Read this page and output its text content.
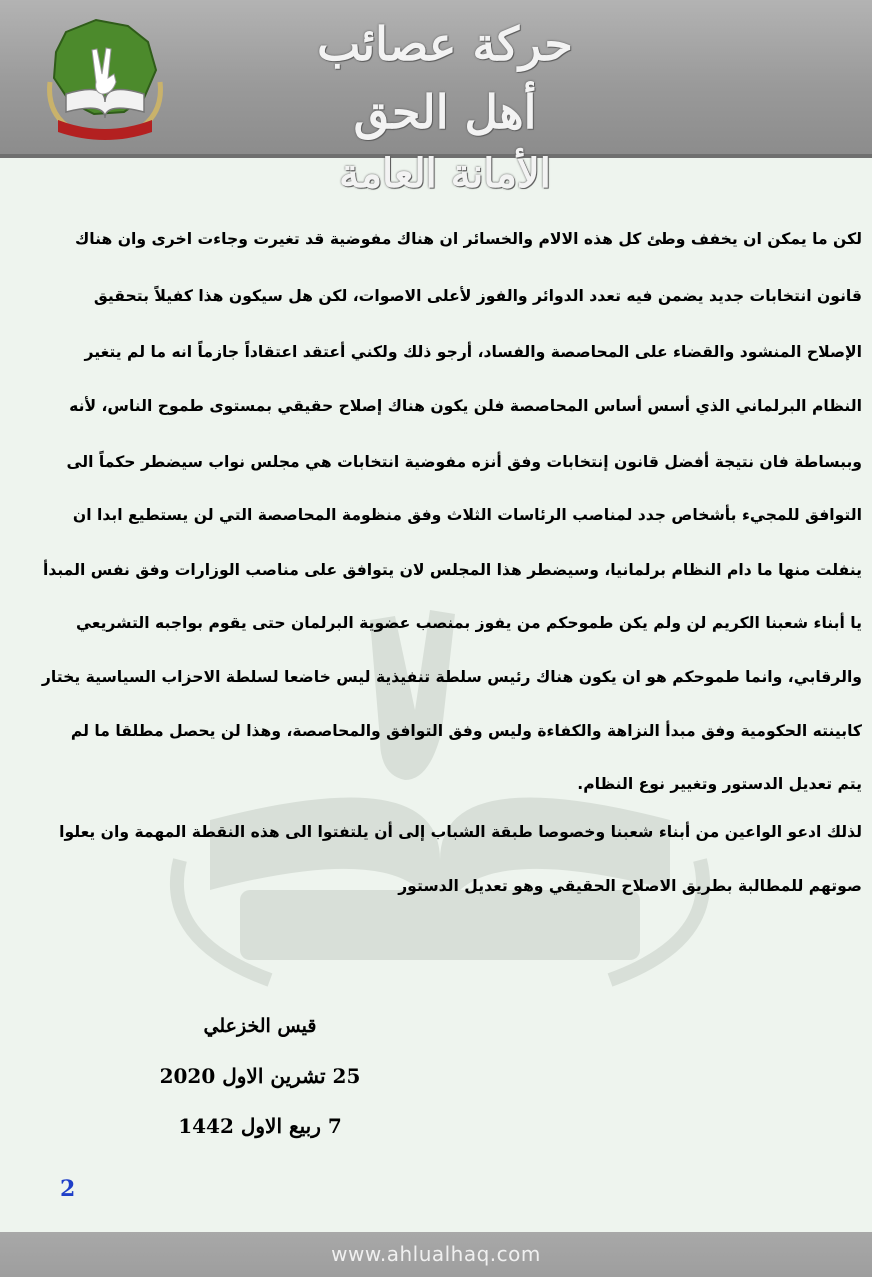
حركة عصائب أهل الحق
الأمانة العامة
لكن ما يمكن ان يخفف وطئ كل هذه الالام والخسائر ان هناك مفوضية قد تغيرت وجاءت اخرى وان هناك
قانون انتخابات جديد يضمن فيه تعدد الدوائر والفوز لأعلى الاصوات، لكن هل سيكون هذا كفيلاً بتحقيق
الإصلاح المنشود والقضاء على المحاصصة والفساد، أرجو ذلك ولكني أعتقد اعتقاداً جازماً انه ما لم يتغير
النظام البرلماني الذي أسس أساس المحاصصة فلن يكون هناك إصلاح حقيقي بمستوى طموح الناس، لأنه
وببساطة فان نتيجة أفضل قانون إنتخابات وفق أنزه مفوضية انتخابات هي مجلس نواب سيضطر حكماً الى
التوافق للمجيء بأشخاص جدد لمناصب الرئاسات الثلاث وفق منظومة المحاصصة التي لن يستطيع ابدا ان
ينفلت منها ما دام النظام برلمانيا، وسيضطر هذا المجلس لان يتوافق على مناصب الوزارات وفق نفس المبدأ
يا أبناء شعبنا الكريم لن ولم يكن طموحكم من يفوز بمنصب عضوية البرلمان حتى يقوم بواجبه التشريعي
والرقابي، وانما طموحكم هو ان يكون هناك رئيس سلطة تنفيذية ليس خاضعا لسلطة الاحزاب السياسية يختار
كابينته الحكومية وفق مبدأ النزاهة والكفاءة وليس وفق التوافق والمحاصصة، وهذا لن يحصل مطلقا ما لم
يتم تعديل الدستور وتغيير نوع النظام.
لذلك ادعو الواعين من أبناء شعبنا وخصوصا طبقة الشباب إلى أن يلتفتوا الى هذه النقطة المهمة وان يعلوا
صوتهم للمطالبة بطريق الاصلاح الحقيقي وهو تعديل الدستور
قيس الخزعلي
25 تشرين الاول 2020
7 ربيع الاول 1442
2
www.ahlualhaq.com
